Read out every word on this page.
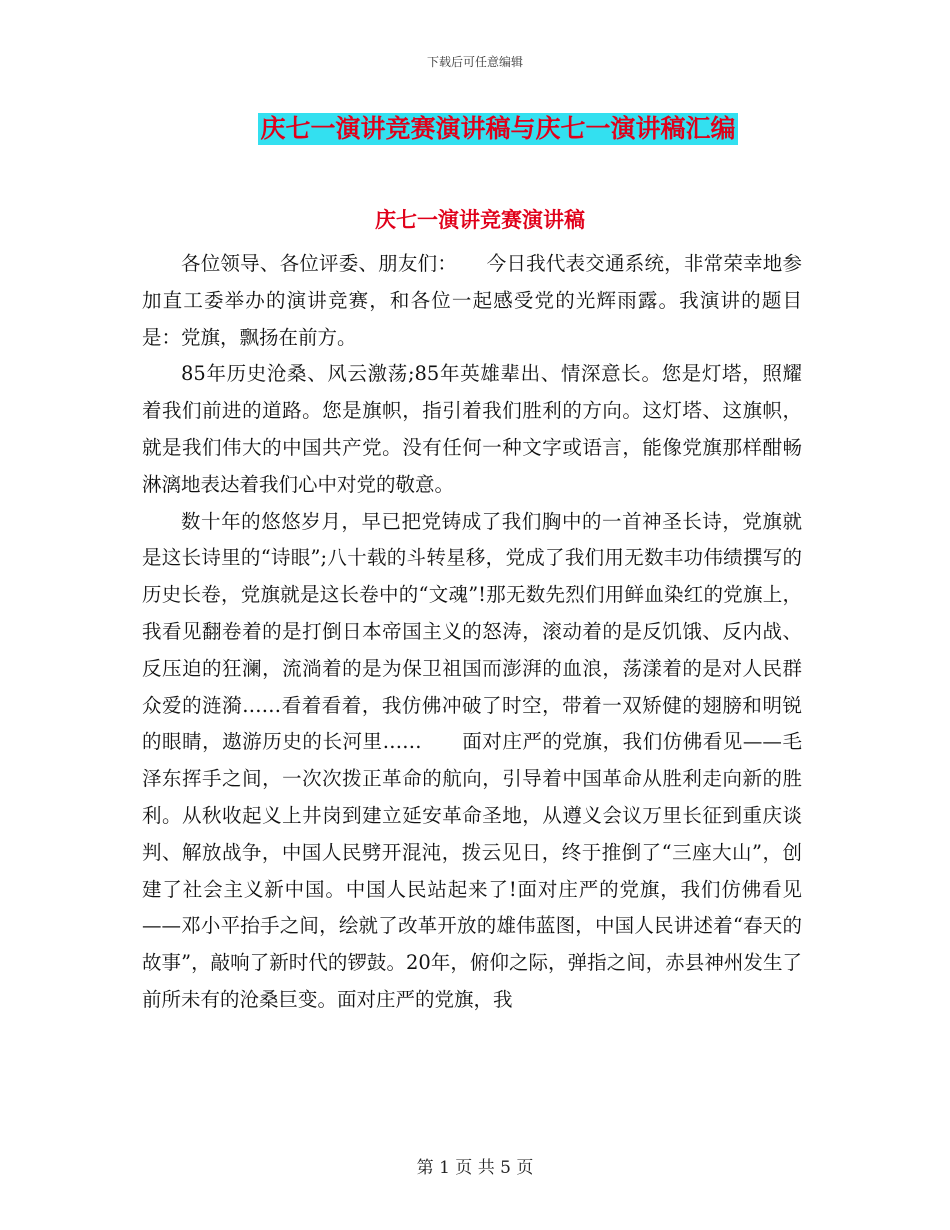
下载后可任意编辑
庆七一演讲竞赛演讲稿与庆七一演讲稿汇编
庆七一演讲竞赛演讲稿

各位领导、各位评委、朋友们：　　今日我代表交通系统，非常荣幸地参加直工委举办的演讲竞赛，和各位一起感受党的光辉雨露。我演讲的题目是：党旗，飘扬在前方。

85年历史沧桑、风云激荡;85年英雄辈出、情深意长。您是灯塔，照耀着我们前进的道路。您是旗帜，指引着我们胜利的方向。这灯塔、这旗帜，就是我们伟大的中国共产党。没有任何一种文字或语言，能像党旗那样酣畅淋漓地表达着我们心中对党的敬意。

数十年的悠悠岁月，早已把党铸成了我们胸中的一首神圣长诗，党旗就是这长诗里的“诗眼”;八十载的斗转星移，党成了我们用无数丰功伟绩撰写的历史长卷，党旗就是这长卷中的“文魂”!那无数先烈们用鲜血染红的党旗上，我看见翻卷着的是打倒日本帝国主义的怒涛，滚动着的是反饥饿、反内战、反压迫的狂澜，流淌着的是为保卫祖国而澎湃的血浪，荡漾着的是对人民群众爱的涟漪……看着看着，我仿佛冲破了时空，带着一双矫健的翅膀和明锐的眼睛，遨游历史的长河里……　　面对庄严的党旗，我们仿佛看见——毛泽东挥手之间，一次次拨正革命的航向，引导着中国革命从胜利走向新的胜利。从秋收起义上井岗到建立延安革命圣地，从遵义会议万里长征到重庆谈判、解放战争，中国人民劈开混沌，拨云见日，终于推倒了“三座大山”，创建了社会主义新中国。中国人民站起来了!面对庄严的党旗，我们仿佛看见——邓小平抬手之间，绘就了改革开放的雄伟蓝图，中国人民讲述着“春天的故事”，敲响了新时代的锣鼓。20年，俯仰之际，弹指之间，赤县神州发生了前所未有的沧桑巨变。面对庄严的党旗，我

第 1 页 共 5 页
